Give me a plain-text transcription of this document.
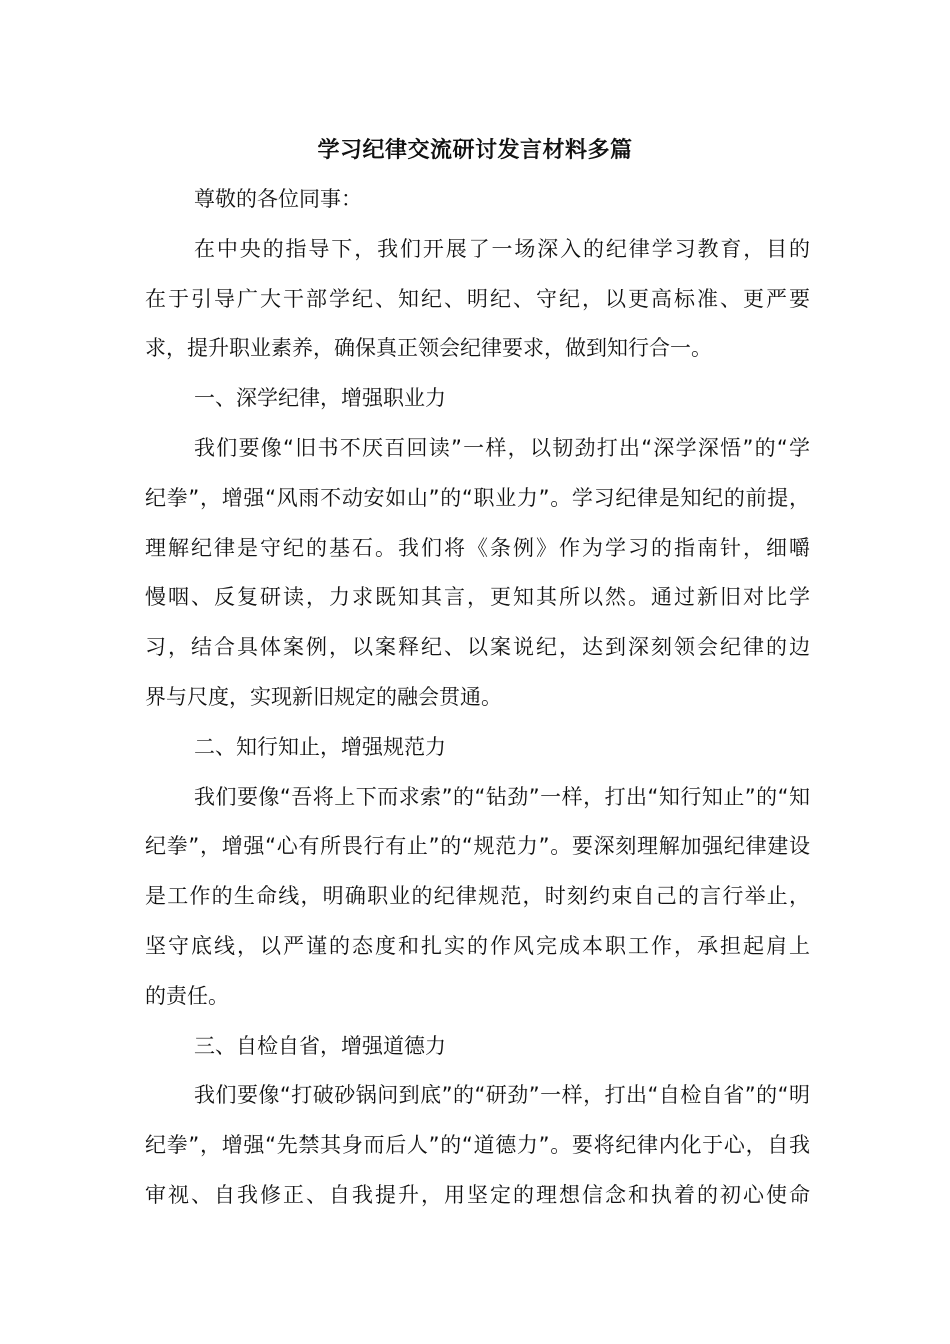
学习纪律交流研讨发言材料多篇
尊敬的各位同事：
在中央的指导下，我们开展了一场深入的纪律学习教育，目的
在于引导广大干部学纪、知纪、明纪、守纪，以更高标准、更严要
求，提升职业素养，确保真正领会纪律要求，做到知行合一。
一、深学纪律，增强职业力
我们要像“旧书不厌百回读”一样，以韧劲打出“深学深悟”的“学
纪拳”，增强“风雨不动安如山”的“职业力”。学习纪律是知纪的前提，
理解纪律是守纪的基石。我们将《条例》作为学习的指南针，细嚼
慢咽、反复研读，力求既知其言，更知其所以然。通过新旧对比学
习，结合具体案例，以案释纪、以案说纪，达到深刻领会纪律的边
界与尺度，实现新旧规定的融会贯通。
二、知行知止，增强规范力
我们要像“吾将上下而求索”的“钻劲”一样，打出“知行知止”的“知
纪拳”，增强“心有所畏行有止”的“规范力”。要深刻理解加强纪律建设
是工作的生命线，明确职业的纪律规范，时刻约束自己的言行举止，
坚守底线，以严谨的态度和扎实的作风完成本职工作，承担起肩上
的责任。
三、自检自省，增强道德力
我们要像“打破砂锅问到底”的“研劲”一样，打出“自检自省”的“明
纪拳”，增强“先禁其身而后人”的“道德力”。要将纪律内化于心，自我
审视、自我修正、自我提升，用坚定的理想信念和执着的初心使命
